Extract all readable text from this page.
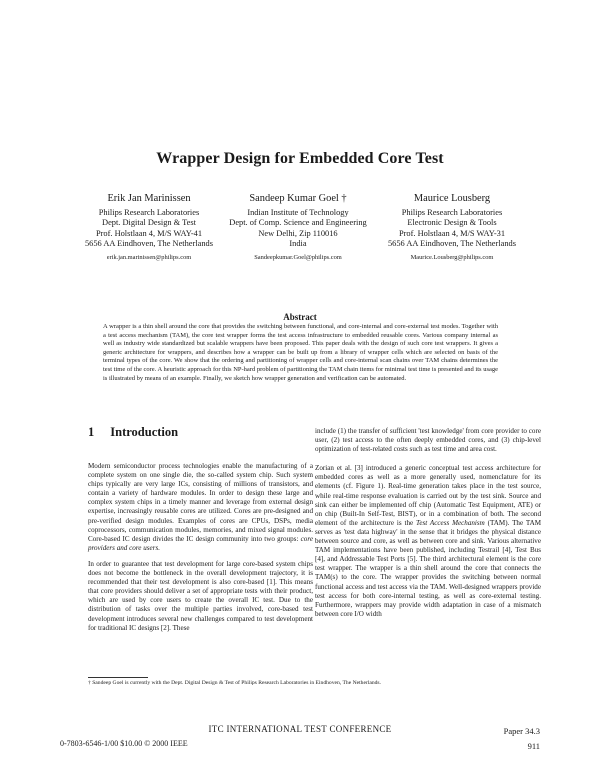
Wrapper Design for Embedded Core Test
Erik Jan Marinissen
Philips Research Laboratories
Dept. Digital Design & Test
Prof. Holstlaan 4, M/S WAY-41
5656 AA Eindhoven, The Netherlands
erik.jan.marinissen@philips.com
Sandeep Kumar Goel †
Indian Institute of Technology
Dept. of Comp. Science and Engineering
New Delhi, Zip 110016
India
Sandeepkumar.Goel@philips.com
Maurice Lousberg
Philips Research Laboratories
Electronic Design & Tools
Prof. Holstlaan 4, M/S WAY-31
5656 AA Eindhoven, The Netherlands
Maurice.Lousberg@philips.com
Abstract
A wrapper is a thin shell around the core that provides the switching between functional, and core-internal and core-external test modes. Together with a test access mechanism (TAM), the core test wrapper forms the test access infrastructure to embedded reusable cores. Various company internal as well as industry wide standardized but scalable wrappers have been proposed. This paper deals with the design of such core test wrappers. It gives a generic architecture for wrappers, and describes how a wrapper can be built up from a library of wrapper cells which are selected on basis of the terminal types of the core. We show that the ordering and partitioning of wrapper cells and core-internal scan chains over TAM chains determines the test time of the core. A heuristic approach for this NP-hard problem of partitioning the TAM chain items for minimal test time is presented and its usage is illustrated by means of an example. Finally, we sketch how wrapper generation and verification can be automated.
1 Introduction

Modern semiconductor process technologies enable the manufacturing of a complete system on one single die, the so-called system chip. Such system chips typically are very large ICs, consisting of millions of transistors, and contain a variety of hardware modules. In order to design these large and complex system chips in a timely manner and leverage from external design expertise, increasingly reusable cores are utilized. Cores are pre-designed and pre-verified design modules. Examples of cores are CPUs, DSPs, media coprocessors, communication modules, memories, and mixed signal modules. Core-based IC design divides the IC design community into two groups: core providers and core users.

In order to guarantee that test development for large core-based system chips does not become the bottleneck in the overall development trajectory, it is recommended that their test development is also core-based [1]. This means that core providers should deliver a set of appropriate tests with their product, which are used by core users to create the overall IC test. Due to the distribution of tasks over the multiple parties involved, core-based test development introduces several new challenges compared to test development for traditional IC designs [2]. These

include (1) the transfer of sufficient 'test knowledge' from core provider to core user, (2) test access to the often deeply embedded cores, and (3) chip-level optimization of test-related costs such as test time and area cost.

Zorian et al. [3] introduced a generic conceptual test access architecture for embedded cores as well as a more generally used, nomenclature for its elements (cf. Figure 1). Real-time generation takes place in the test source, while real-time response evaluation is carried out by the test sink. Source and sink can either be implemented off chip (Automatic Test Equipment, ATE) or on chip (Built-In Self-Test, BIST), or in a combination of both. The second element of the architecture is the Test Access Mechanism (TAM). The TAM serves as 'test data highway' in the sense that it bridges the physical distance between source and core, as well as between core and sink. Various alternative TAM implementations have been published, including Testrail [4], Test Bus [4], and Addressable Test Ports [5]. The third architectural element is the core test wrapper. The wrapper is a thin shell around the core that connects the TAM(s) to the core. The wrapper provides the switching between normal functional access and test access via the TAM. Well-designed wrappers provide test access for both core-internal testing, as well as core-external testing. Furthermore, wrappers may provide width adaptation in case of a mismatch between core I/O width

† Sandeep Goel is currently with the Dept. Digital Design & Test of Philips Research Laboratories in Eindhoven, The Netherlands.
ITC INTERNATIONAL TEST CONFERENCE
0-7803-6546-1/00 $10.00 © 2000 IEEE
Paper 34.3
911
